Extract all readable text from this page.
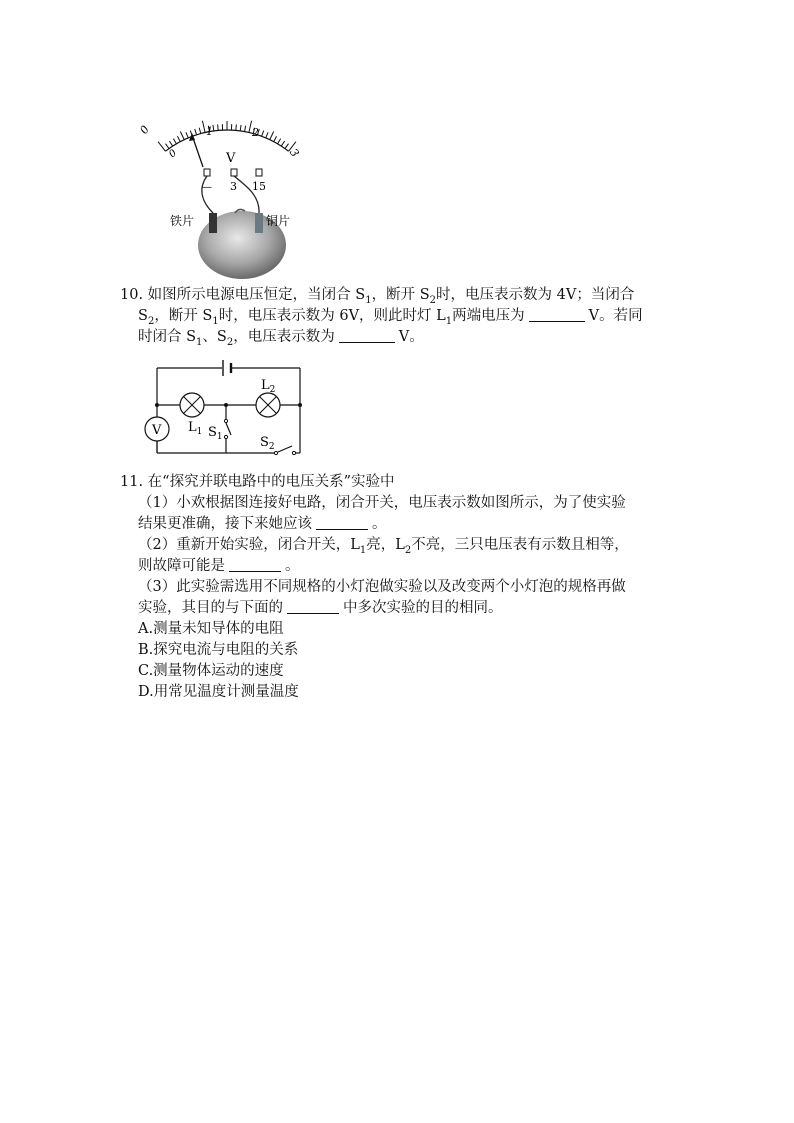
0	1	2
3
0	V
— 3 15
铁片	铜片
10. 如图所示电源电压恒定，当闭合 $S_1$，断开 $S_2$时，电压表示数为 4V；当闭合
$S_2$，断开 $S_1$时，电压表示数为 6V，则此时灯 $L_1$两端电压为	V。若同
时闭合 $S_1$、$S_2$，电压表示数为	V。
V
$L_2$
$L_1$ $S_1$	$S_2$
11. 在“探究并联电路中的电压关系”实验中
（1）小欢根据图连接好电路，闭合开关，电压表示数如图所示，为了使实验
结果更准确，接下来她应该	。
（2）重新开始实验，闭合开关，$L_1$亮，$L_2$不亮，三只电压表有示数且相等，
则故障可能是	。
（3）此实验需选用不同规格的小灯泡做实验以及改变两个小灯泡的规格再做
实验，其目的与下面的	中多次实验的目的相同。
A.测量未知导体的电阻
B.探究电流与电阻的关系
C.测量物体运动的速度
D.用常见温度计测量温度
